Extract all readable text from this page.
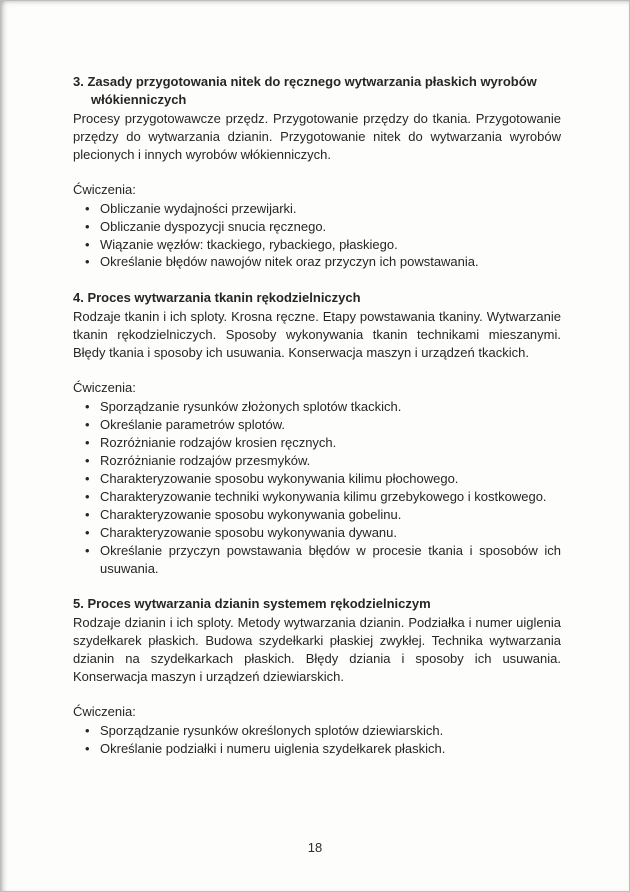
3. Zasady przygotowania nitek do ręcznego wytwarzania płaskich wyrobów włókienniczych

Procesy przygotowawcze przędz. Przygotowanie przędzy do tkania. Przygotowanie przędzy do wytwarzania dzianin. Przygotowanie nitek do wytwarzania wyrobów plecionych i innych wyrobów włókienniczych.

Ćwiczenia:

• Obliczanie wydajności przewijarki.
• Obliczanie dyspozycji snucia ręcznego.
• Wiązanie węzłów: tkackiego, rybackiego, płaskiego.
• Określanie błędów nawojów nitek oraz przyczyn ich powstawania.
4. Proces wytwarzania tkanin rękodzielniczych

Rodzaje tkanin i ich sploty. Krosna ręczne. Etapy powstawania tkaniny. Wytwarzanie tkanin rękodzielniczych. Sposoby wykonywania tkanin technikami mieszanymi. Błędy tkania i sposoby ich usuwania. Konserwacja maszyn i urządzeń tkackich.

Ćwiczenia:

• Sporządzanie rysunków złożonych splotów tkackich.
• Określanie parametrów splotów.
• Rozróżnianie rodzajów krosien ręcznych.
• Rozróżnianie rodzajów przesmyków.
• Charakteryzowanie sposobu wykonywania kilimu płochowego.
• Charakteryzowanie techniki wykonywania kilimu grzebykowego i kostkowego.
• Charakteryzowanie sposobu wykonywania gobelinu.
• Charakteryzowanie sposobu wykonywania dywanu.
• Określanie przyczyn powstawania błędów w procesie tkania i sposobów ich usuwania.
5. Proces wytwarzania dzianin systemem rękodzielniczym

Rodzaje dzianin i ich sploty. Metody wytwarzania dzianin. Podziałka i numer uiglenia szydełkarek płaskich. Budowa szydełkarki płaskiej zwykłej. Technika wytwarzania dzianin na szydełkarkach płaskich. Błędy dziania i sposoby ich usuwania. Konserwacja maszyn i urządzeń dziewiarskich.

Ćwiczenia:

• Sporządzanie rysunków określonych splotów dziewiarskich.
• Określanie podziałki i numeru uiglenia szydełkarek płaskich.
18
